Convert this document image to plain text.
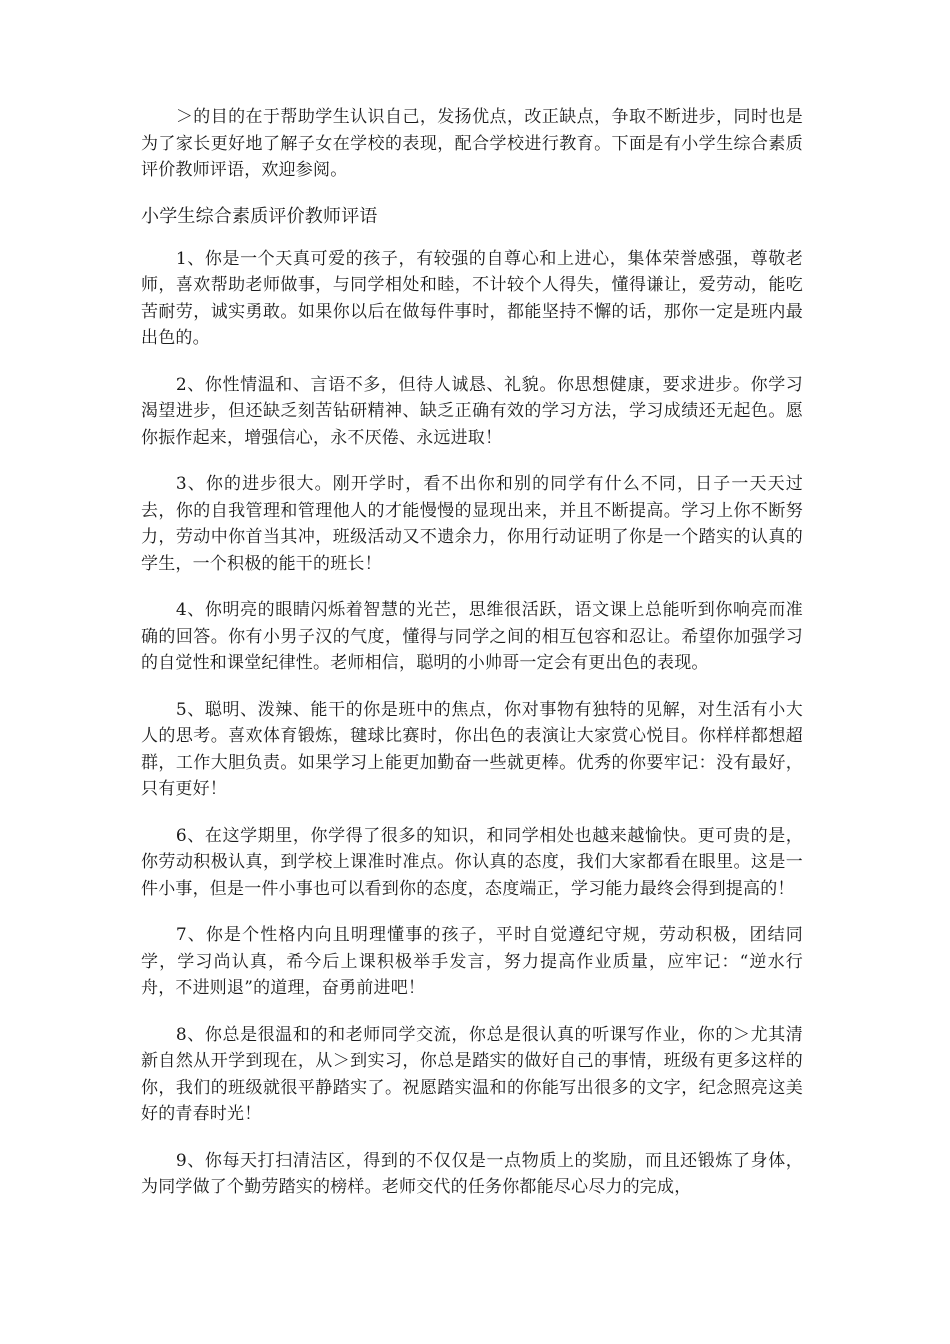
＞的目的在于帮助学生认识自己，发扬优点，改正缺点，争取不断进步，同时也是为了家长更好地了解子女在学校的表现，配合学校进行教育。下面是有小学生综合素质评价教师评语，欢迎参阅。

小学生综合素质评价教师评语

1、你是一个天真可爱的孩子，有较强的自尊心和上进心，集体荣誉感强，尊敬老师，喜欢帮助老师做事，与同学相处和睦，不计较个人得失，懂得谦让，爱劳动，能吃苦耐劳，诚实勇敢。如果你以后在做每件事时，都能坚持不懈的话，那你一定是班内最出色的。

2、你性情温和、言语不多，但待人诚恳、礼貌。你思想健康，要求进步。你学习渴望进步，但还缺乏刻苦钻研精神、缺乏正确有效的学习方法，学习成绩还无起色。愿你振作起来，增强信心，永不厌倦、永远进取！

3、你的进步很大。刚开学时，看不出你和别的同学有什么不同，日子一天天过去，你的自我管理和管理他人的才能慢慢的显现出来，并且不断提高。学习上你不断努力，劳动中你首当其冲，班级活动又不遗余力，你用行动证明了你是一个踏实的认真的学生，一个积极的能干的班长！

4、你明亮的眼睛闪烁着智慧的光芒，思维很活跃，语文课上总能听到你响亮而准确的回答。你有小男子汉的气度，懂得与同学之间的相互包容和忍让。希望你加强学习的自觉性和课堂纪律性。老师相信，聪明的小帅哥一定会有更出色的表现。

5、聪明、泼辣、能干的你是班中的焦点，你对事物有独特的见解，对生活有小大人的思考。喜欢体育锻炼，毽球比赛时，你出色的表演让大家赏心悦目。你样样都想超群，工作大胆负责。如果学习上能更加勤奋一些就更棒。优秀的你要牢记：没有最好，只有更好！

6、在这学期里，你学得了很多的知识，和同学相处也越来越愉快。更可贵的是，你劳动积极认真，到学校上课准时准点。你认真的态度，我们大家都看在眼里。这是一件小事，但是一件小事也可以看到你的态度，态度端正，学习能力最终会得到提高的！

7、你是个性格内向且明理懂事的孩子，平时自觉遵纪守规，劳动积极，团结同学，学习尚认真，希今后上课积极举手发言，努力提高作业质量，应牢记：“逆水行舟，不进则退”的道理，奋勇前进吧！

8、你总是很温和的和老师同学交流，你总是很认真的听课写作业，你的＞尤其清新自然从开学到现在，从＞到实习，你总是踏实的做好自己的事情，班级有更多这样的你，我们的班级就很平静踏实了。祝愿踏实温和的你能写出很多的文字，纪念照亮这美好的青春时光！

9、你每天打扫清洁区，得到的不仅仅是一点物质上的奖励，而且还锻炼了身体，为同学做了个勤劳踏实的榜样。老师交代的任务你都能尽心尽力的完成，
